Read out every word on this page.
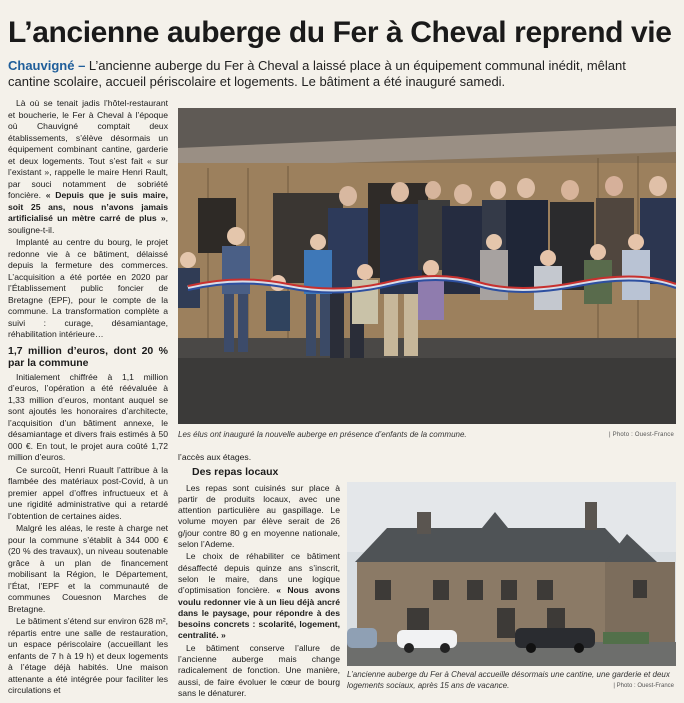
L’ancienne auberge du Fer à Cheval reprend vie
Chauvigné – L’ancienne auberge du Fer à Cheval a laissé place à un équipement communal inédit, mêlant cantine scolaire, accueil périscolaire et logements. Le bâtiment a été inauguré samedi.

Là où se tenait jadis l’hôtel-restaurant et boucherie, le Fer à Cheval à l’époque où Chauvigné comptait deux établissements, s’élève désormais un équipement combinant cantine, garderie et deux logements. Tout s’est fait « sur l’existant », rappelle le maire Henri Rault, par souci notamment de sobriété foncière. « Depuis que je suis maire, soit 25 ans, nous n’avons jamais artificialisé un mètre carré de plus », souligne-t-il.

Implanté au centre du bourg, le projet redonne vie à ce bâtiment, délaissé depuis la fermeture des commerces. L’acquisition a été portée en 2020 par l’Établissement public foncier de Bretagne (EPF), pour le compte de la commune. La transformation complète a suivi : curage, désamiantage, réhabilitation intérieure…

1,7 million d’euros, dont 20 % par la commune

Initialement chiffrée à 1,1 million d’euros, l’opération a été réévaluée à 1,33 million d’euros, montant auquel se sont ajoutés les honoraires d’architecte, l’acquisition d’un bâtiment annexe, le désamiantage et divers frais estimés à 50 000 €. En tout, le projet aura coûté 1,72 million d’euros.

Ce surcoût, Henri Ruault l’attribue à la flambée des matériaux post-Covid, à un premier appel d’offres infructueux et à une rigidité administrative qui a retardé l’obtention de certaines aides.

Malgré les aléas, le reste à charge net pour la commune s’établit à 344 000 € (20 % des travaux), un niveau soutenable grâce à un plan de financement mobilisant la Région, le Département, l’État, l’EPF et la communauté de communes Couesnon Marches de Bretagne.

Le bâtiment s’étend sur environ 628 m², répartis entre une salle de restauration, un espace périscolaire (accueillant les enfants de 7 h à 19 h) et deux logements à l’étage déjà habités. Une maison attenante a été intégrée pour faciliter les circulations et

Les élus ont inauguré la nouvelle auberge en présence d’enfants de la commune.	| Photo : Ouest-France

l’accès aux étages.

Des repas locaux

Les repas sont cuisinés sur place à partir de produits locaux, avec une attention particulière au gaspillage. Le volume moyen par élève serait de 26 g/jour contre 80 g en moyenne nationale, selon l’Ademe.

Le choix de réhabiliter ce bâtiment désaffecté depuis quinze ans s’inscrit, selon le maire, dans une logique d’optimisation foncière. « Nous avons voulu redonner vie à un lieu déjà ancré dans le paysage, pour répondre à des besoins concrets : scolarité, logement, centralité. »

Le bâtiment conserve l’allure de l’ancienne auberge mais change radicalement de fonction. Une manière, aussi, de faire évoluer le cœur de bourg sans le dénaturer.

L’ancienne auberge du Fer à Cheval accueille désormais une cantine, une garderie et deux logements sociaux, après 15 ans de vacance.	| Photo : Ouest-France
